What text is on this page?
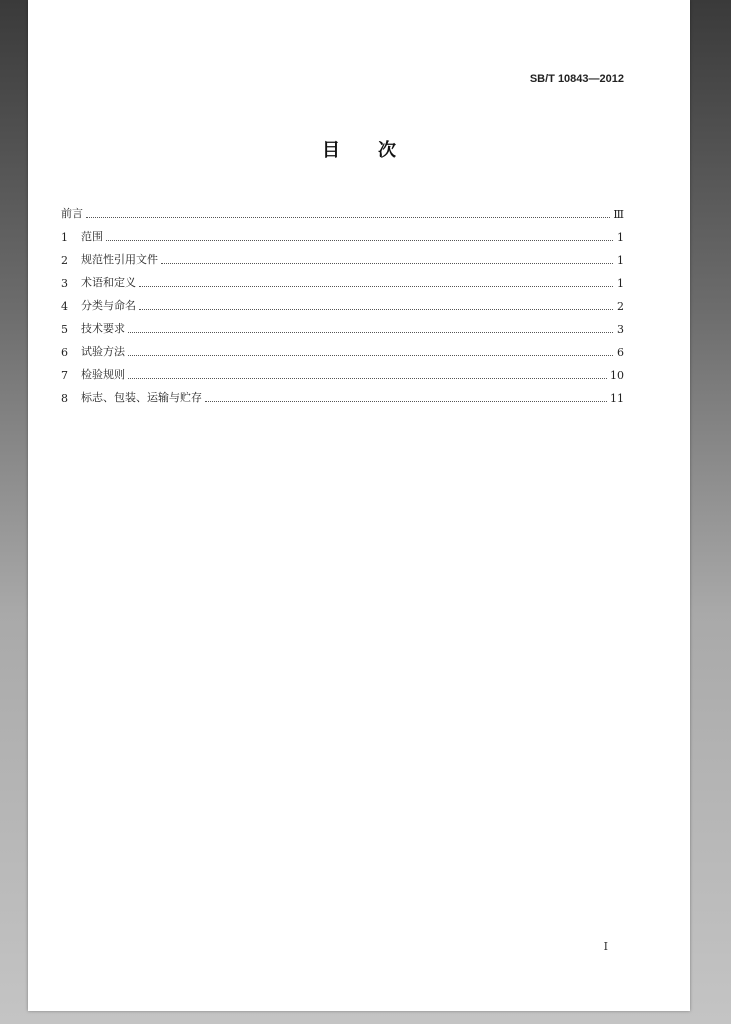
SB/T 10843—2012
目 次
前言	Ⅲ
1	范围	1
2	规范性引用文件	1
3	术语和定义	1
4	分类与命名	2
5	技术要求	3
6	试验方法	6
7	检验规则	10
8	标志、包装、运输与贮存	11
I
